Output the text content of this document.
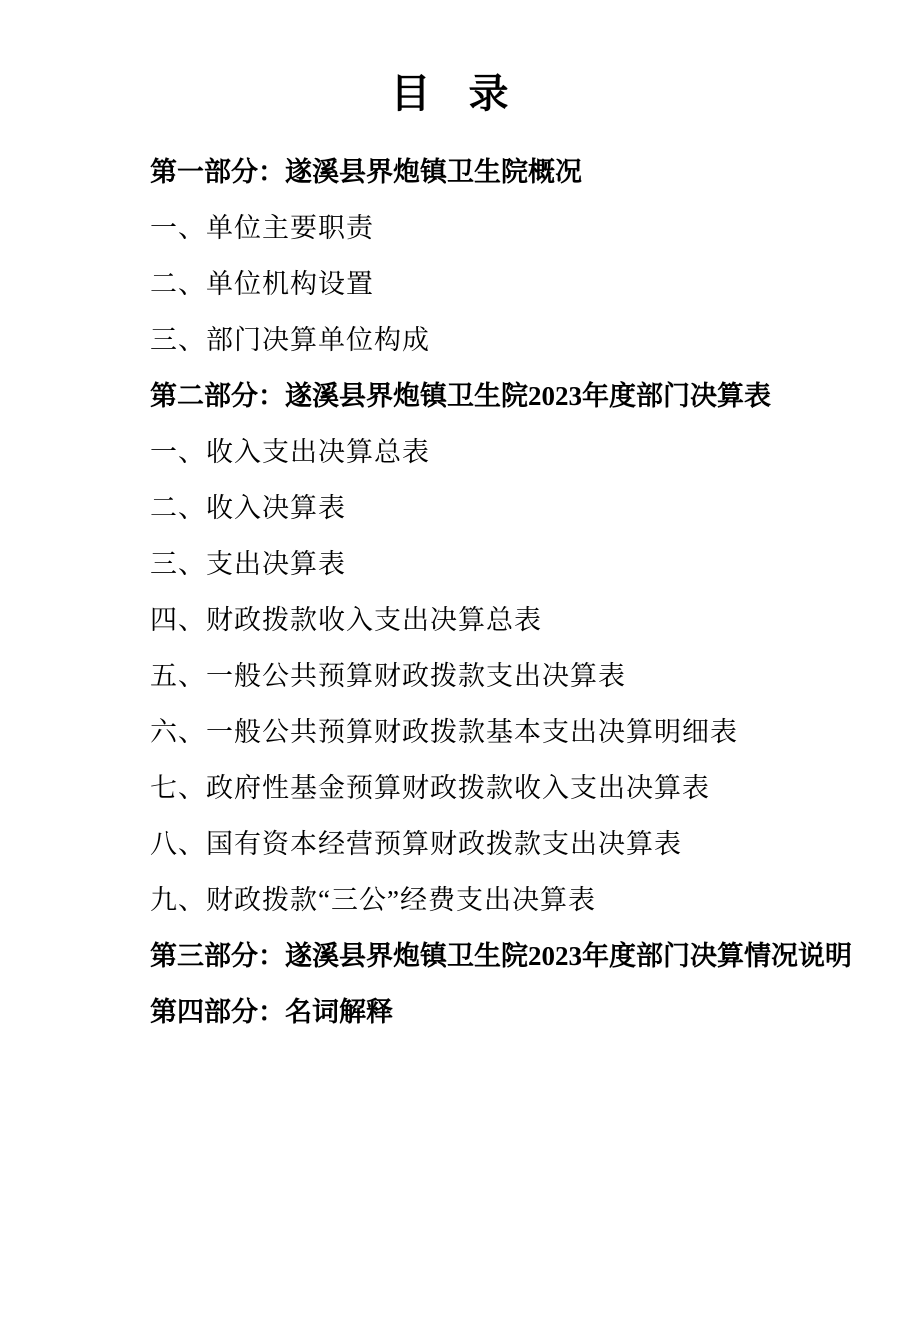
目 录
第一部分：遂溪县界炮镇卫生院概况
一、单位主要职责
二、单位机构设置
三、部门决算单位构成
第二部分：遂溪县界炮镇卫生院2023年度部门决算表
一、收入支出决算总表
二、收入决算表
三、支出决算表
四、财政拨款收入支出决算总表
五、一般公共预算财政拨款支出决算表
六、一般公共预算财政拨款基本支出决算明细表
七、政府性基金预算财政拨款收入支出决算表
八、国有资本经营预算财政拨款支出决算表
九、财政拨款“三公”经费支出决算表
第三部分：遂溪县界炮镇卫生院2023年度部门决算情况说明
第四部分：名词解释
